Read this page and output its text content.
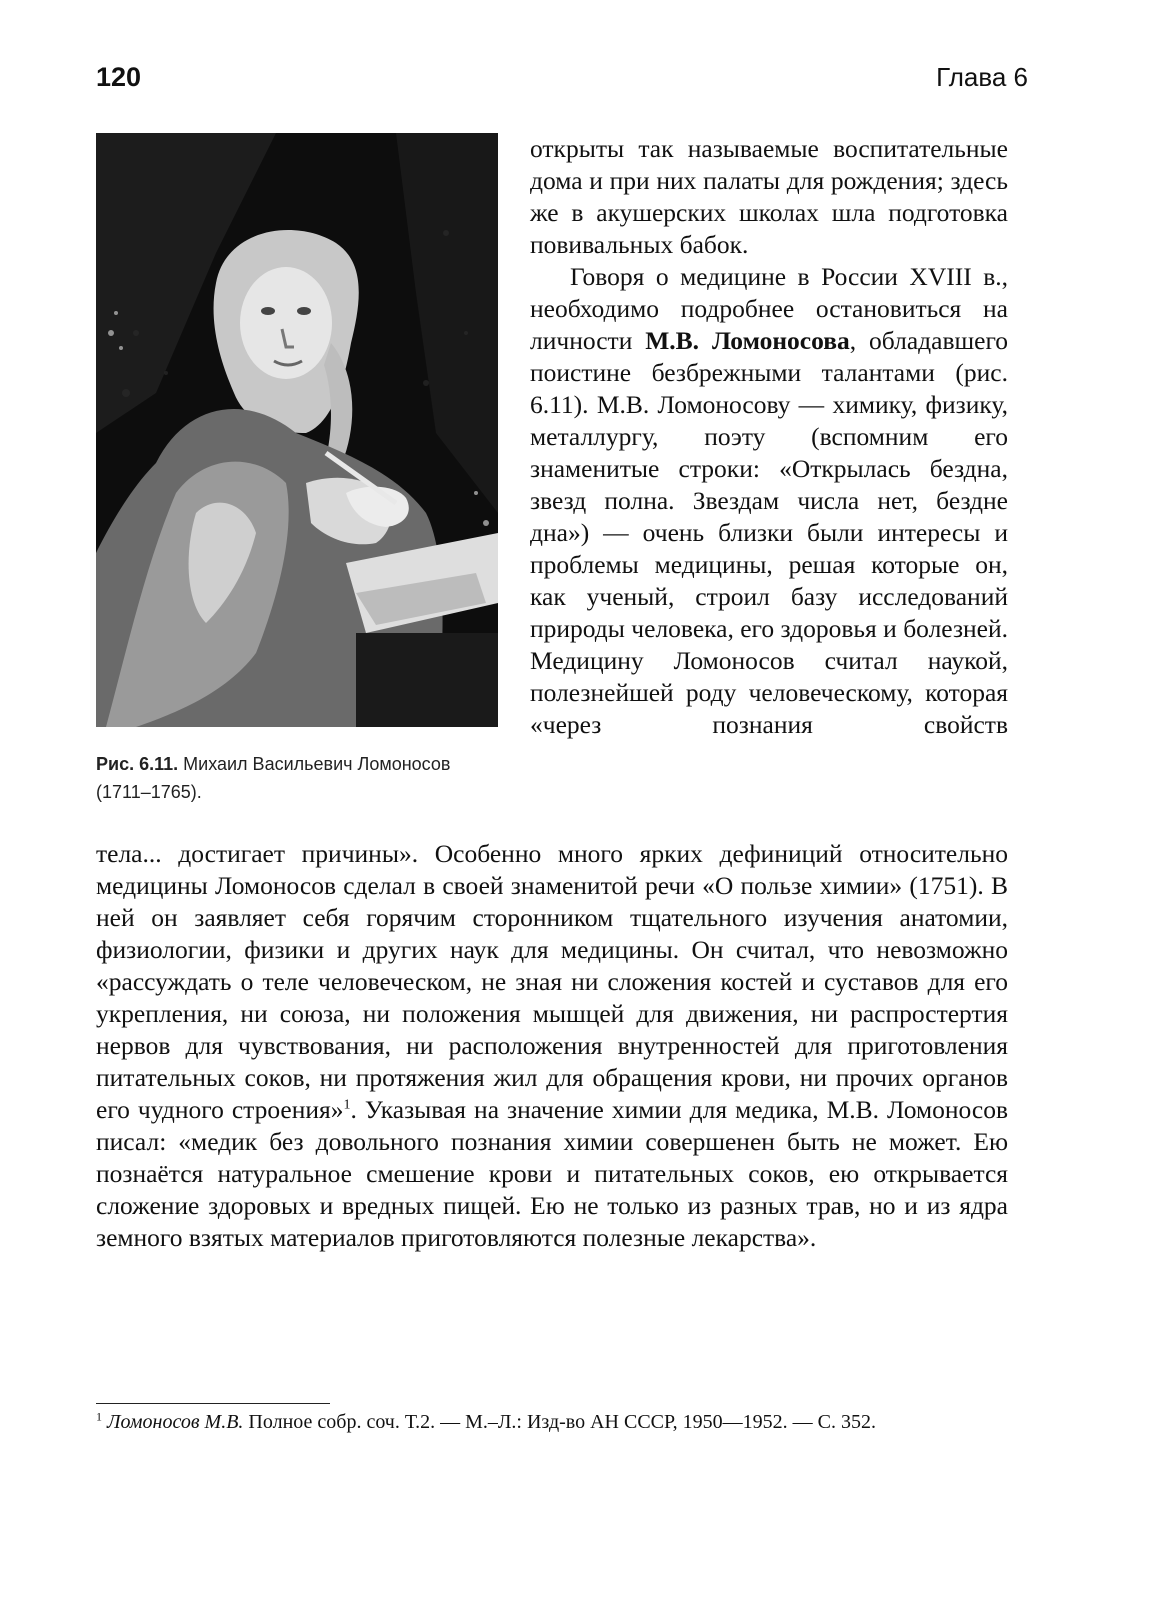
120	Глава 6
Рис. 6.11. Михаил Васильевич Ломоносов
(1711–1765).

открыты так называемые воспитательные дома и при них палаты для рождения; здесь же в акушерских школах шла подготовка повивальных бабок.

Говоря о медицине в России XVIII в., необходимо подробнее остановиться на личности М.В. Ломоносова, обладавшего поистине безбрежными талантами (рис. 6.11). М.В. Ломоносову — химику, физику, металлургу, поэту (вспомним его знаменитые строки: «Открылась бездна, звезд полна. Звездам числа нет, бездне дна») — очень близки были интересы и проблемы медицины, решая которые он, как ученый, строил базу исследований природы человека, его здоровья и болезней. Медицину Ломоносов считал наукой, полезнейшей роду человеческому, которая «через познания свойств

тела... достигает причины». Особенно много ярких дефиниций относительно медицины Ломоносов сделал в своей знаменитой речи «О пользе химии» (1751). В ней он заявляет себя горячим сторонником тщательного изучения анатомии, физиологии, физики и других наук для медицины. Он считал, что невозможно «рассуждать о теле человеческом, не зная ни сложения костей и суставов для его укрепления, ни союза, ни положения мышцей для движения, ни распростертия нервов для чувствования, ни расположения внутренностей для приготовления питательных соков, ни протяжения жил для обращения крови, ни прочих органов его чудного строения»$^1$. Указывая на значение химии для медика, М.В. Ломоносов писал: «медик без довольного познания химии совершенен быть не может. Ею познаётся натуральное смешение крови и питательных соков, ею открывается сложение здоровых и вредных пищей. Ею не только из разных трав, но и из ядра земного взятых материалов приготовляются полезные лекарства».

$^1$ Ломоносов М.В. Полное собр. соч. Т.2. — М.–Л.: Изд-во АН СССР, 1950—1952. — С. 352.
